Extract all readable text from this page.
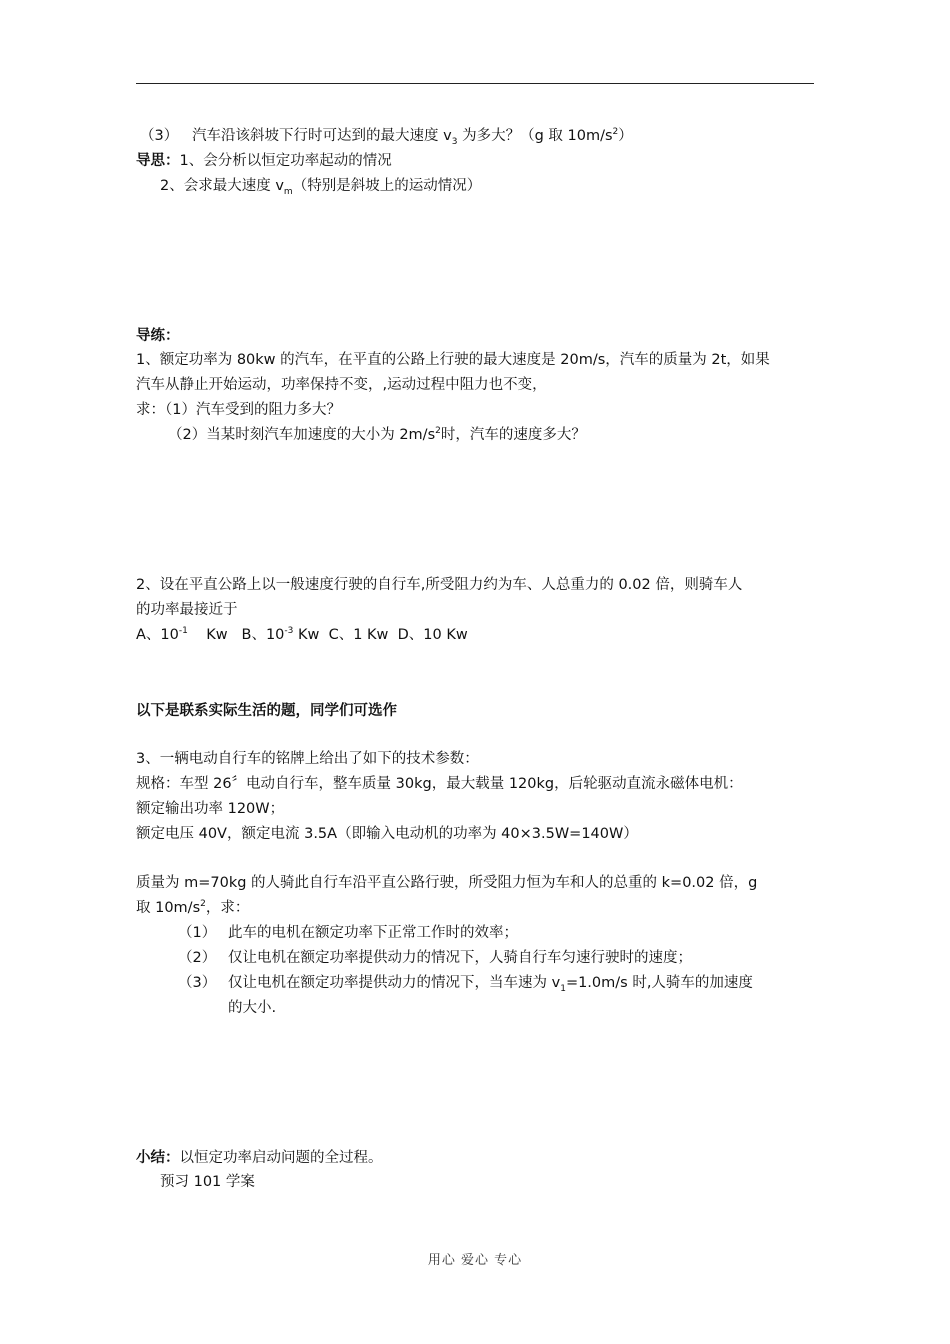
（3） 汽车沿该斜坡下行时可达到的最大速度 $v_3$ 为多大？（g 取 $10m/s^2$）
导思：1、会分析以恒定功率起动的情况
2、会求最大速度 $v_m$（特别是斜坡上的运动情况）
导练：
1、额定功率为 80kw 的汽车，在平直的公路上行驶的最大速度是 20m/s，汽车的质量为 2t，如果
汽车从静止开始运动，功率保持不变，,运动过程中阻力也不变，
求：（1）汽车受到的阻力多大？
（2）当某时刻汽车加速度的大小为 $2m/s^2$时，汽车的速度多大？
2、设在平直公路上以一般速度行驶的自行车,所受阻力约为车、人总重力的 0.02 倍，则骑车人
的功率最接近于
A、$10^{-1}$ Kw B、$10^{-3}$ Kw C、1 Kw D、10 Kw
以下是联系实际生活的题，同学们可选作
3、一辆电动自行车的铭牌上给出了如下的技术参数：
规格：车型 26〞电动自行车，整车质量 30kg，最大载量 120kg，后轮驱动直流永磁体电机：
额定输出功率 120W；
额定电压 40V，额定电流 3.5A（即输入电动机的功率为 40×3.5W=140W）
质量为 m=70kg 的人骑此自行车沿平直公路行驶，所受阻力恒为车和人的总重的 k=0.02 倍，g
取 $10m/s^2$，求：
（1） 此车的电机在额定功率下正常工作时的效率；
（2） 仅让电机在额定功率提供动力的情况下，人骑自行车匀速行驶时的速度；
（3） 仅让电机在额定功率提供动力的情况下，当车速为 $v_1=1.0m/s$ 时,人骑车的加速度
的大小.
小结：以恒定功率启动问题的全过程。
预习 101 学案
用心 爱心 专心
